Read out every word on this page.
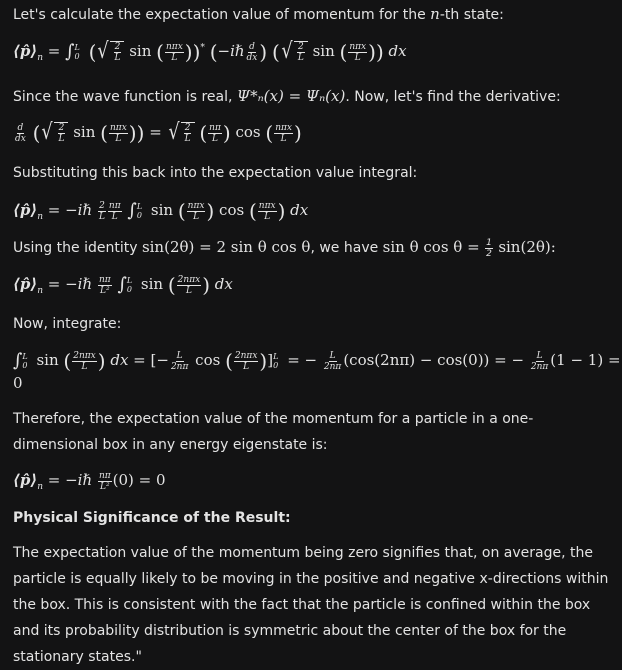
Let's calculate the expectation value of momentum for the n-th state:
$⟨p̂⟩_n$ = ∫ L
0 ( √ $\frac{2}{L}$ sin ( $\frac{\text{nπx}}{L} ))^*$ (−iℏ $\frac{d}{dx}$ ) ( √ $\frac{2}{L}$ sin ( $\frac{\text{nπx}}{L}$ )) dx
Since the wave function is real, Ψ*ₙ(x) = Ψₙ(x). Now, let's find the derivative:
$\frac{d}{dx}$ ( √ $\frac{2}{L}$ sin ( $\frac{\text{nπx}}{L}$ )) = √ $\frac{2}{L}$ ( $\frac{n\pi}{L}$ ) cos ( $\frac{\text{nπx}}{L}$ )
Substituting this back into the expectation value integral:
$⟨p̂⟩_n$ = −iℏ $\frac{2}{L} \frac{n\pi}{L}$ ∫ L
0 sin ( $\frac{\text{nπx}}{L}$ ) cos ( $\frac{\text{nπx}}{L}$ ) dx
Using the identity sin(2θ) = 2 sin θ cos θ, we have sin θ $\cos \theta = \frac{1}{2} \sin(2\theta)$:
$⟨p̂⟩_n$ = −iℏ $\frac{n\pi}{\text{L²}}$ ∫ L
0 sin ( $\frac{\text{2nπx}}{L}$ ) dx
Now, integrate:
∫ L
0 sin ( $\frac{\text{2nπx}}{L}$ ) dx = [− $\frac{L}{2n\pi}$ cos ( $\frac{\text{2nπx}}{L}$ )] L
0 = − $\frac{L}{2n\pi} (\cos(2n\pi) - \cos(0))$ = − $\frac{L}{2n\pi} (1 - 1)$ =
0
Therefore, the expectation value of the momentum for a particle in a one-dimensional box in any energy eigenstate is:
$⟨p̂⟩_n$ = −iℏ $\frac{n\pi}{\text{L²}} (0) = 0$
Physical Significance of the Result:
The expectation value of the momentum being zero signifies that, on average, the particle is equally likely to be moving in the positive and negative x-directions within the box. This is consistent with the fact that the particle is confined within the box and its probability distribution is symmetric about the center of the box for the stationary states."
